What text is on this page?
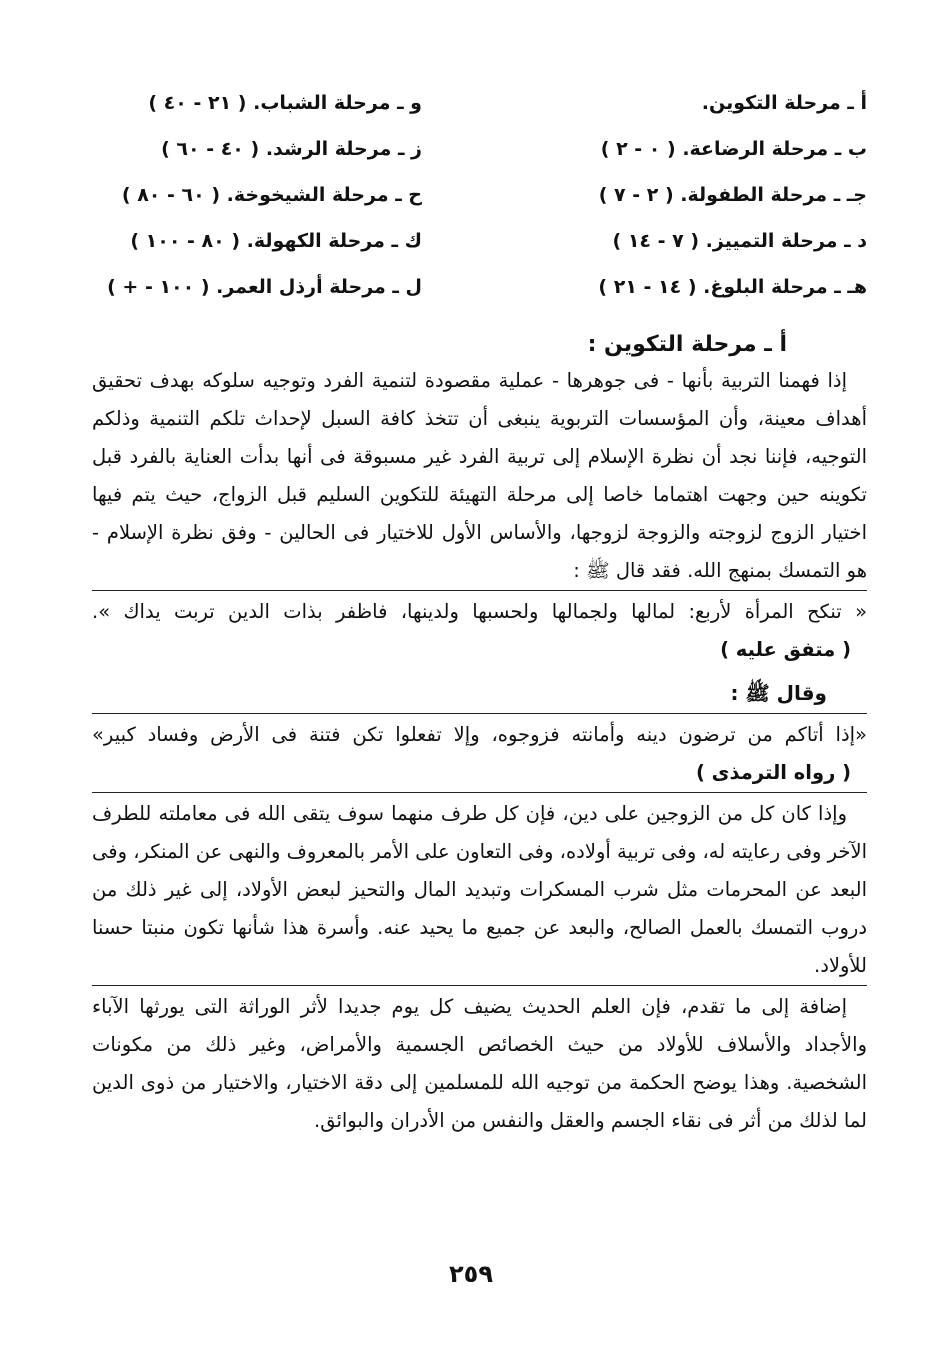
أ ـ مرحلة التكوين.
ب ـ مرحلة الرضاعة. ( ٠ - ٢ )
جـ ـ مرحلة الطفولة. ( ٢ - ٧ )
د ـ مرحلة التمييز. ( ٧ - ١٤ )
هـ ـ مرحلة البلوغ. ( ١٤ - ٢١ )
و ـ مرحلة الشباب. ( ٢١ - ٤٠ )
ز ـ مرحلة الرشد. ( ٤٠ - ٦٠ )
ح ـ مرحلة الشيخوخة. ( ٦٠ - ٨٠ )
ك ـ مرحلة الكهولة. ( ٨٠ - ١٠٠ )
ل ـ مرحلة أرذل العمر. ( ١٠٠ - + )
أ ـ مرحلة التكوين :

إذا فهمنا التربية بأنها - فى جوهرها - عملية مقصودة لتنمية الفرد وتوجيه سلوكه بهدف تحقيق أهداف معينة، وأن المؤسسات التربوية ينبغى أن تتخذ كافة السبل لإحداث تلكم التنمية وذلكم التوجيه، فإننا نجد أن نظرة الإسلام إلى تربية الفرد غير مسبوقة فى أنها بدأت العناية بالفرد قبل تكوينه حين وجهت اهتماما خاصا إلى مرحلة التهيئة للتكوين السليم قبل الزواج، حيث يتم فيها اختيار الزوج لزوجته والزوجة لزوجها، والأساس الأول للاختيار فى الحالين - وفق نظرة الإسلام - هو التمسك بمنهج الله. فقد قال ﷺ :

« تنكح المرأة لأربع: لمالها ولجمالها ولحسبها ولدينها، فاظفر بذات الدين تربت يداك ». ( متفق عليه )

وقال ﷺ :

«إذا أتاكم من ترضون دينه وأمانته فزوجوه، وإلا تفعلوا تكن فتنة فى الأرض وفساد كبير» ( رواه الترمذى )

وإذا كان كل من الزوجين على دين، فإن كل طرف منهما سوف يتقى الله فى معاملته للطرف الآخر وفى رعايته له، وفى تربية أولاده، وفى التعاون على الأمر بالمعروف والنهى عن المنكر، وفى البعد عن المحرمات مثل شرب المسكرات وتبديد المال والتحيز لبعض الأولاد، إلى غير ذلك من دروب التمسك بالعمل الصالح، والبعد عن جميع ما يحيد عنه. وأسرة هذا شأنها تكون منبتا حسنا للأولاد.

إضافة إلى ما تقدم، فإن العلم الحديث يضيف كل يوم جديدا لأثر الوراثة التى يورثها الآباء والأجداد والأسلاف للأولاد من حيث الخصائص الجسمية والأمراض، وغير ذلك من مكونات الشخصية. وهذا يوضح الحكمة من توجيه الله للمسلمين إلى دقة الاختيار، والاختيار من ذوى الدين لما لذلك من أثر فى نقاء الجسم والعقل والنفس من الأدران والبوائق.

٢٥٩
